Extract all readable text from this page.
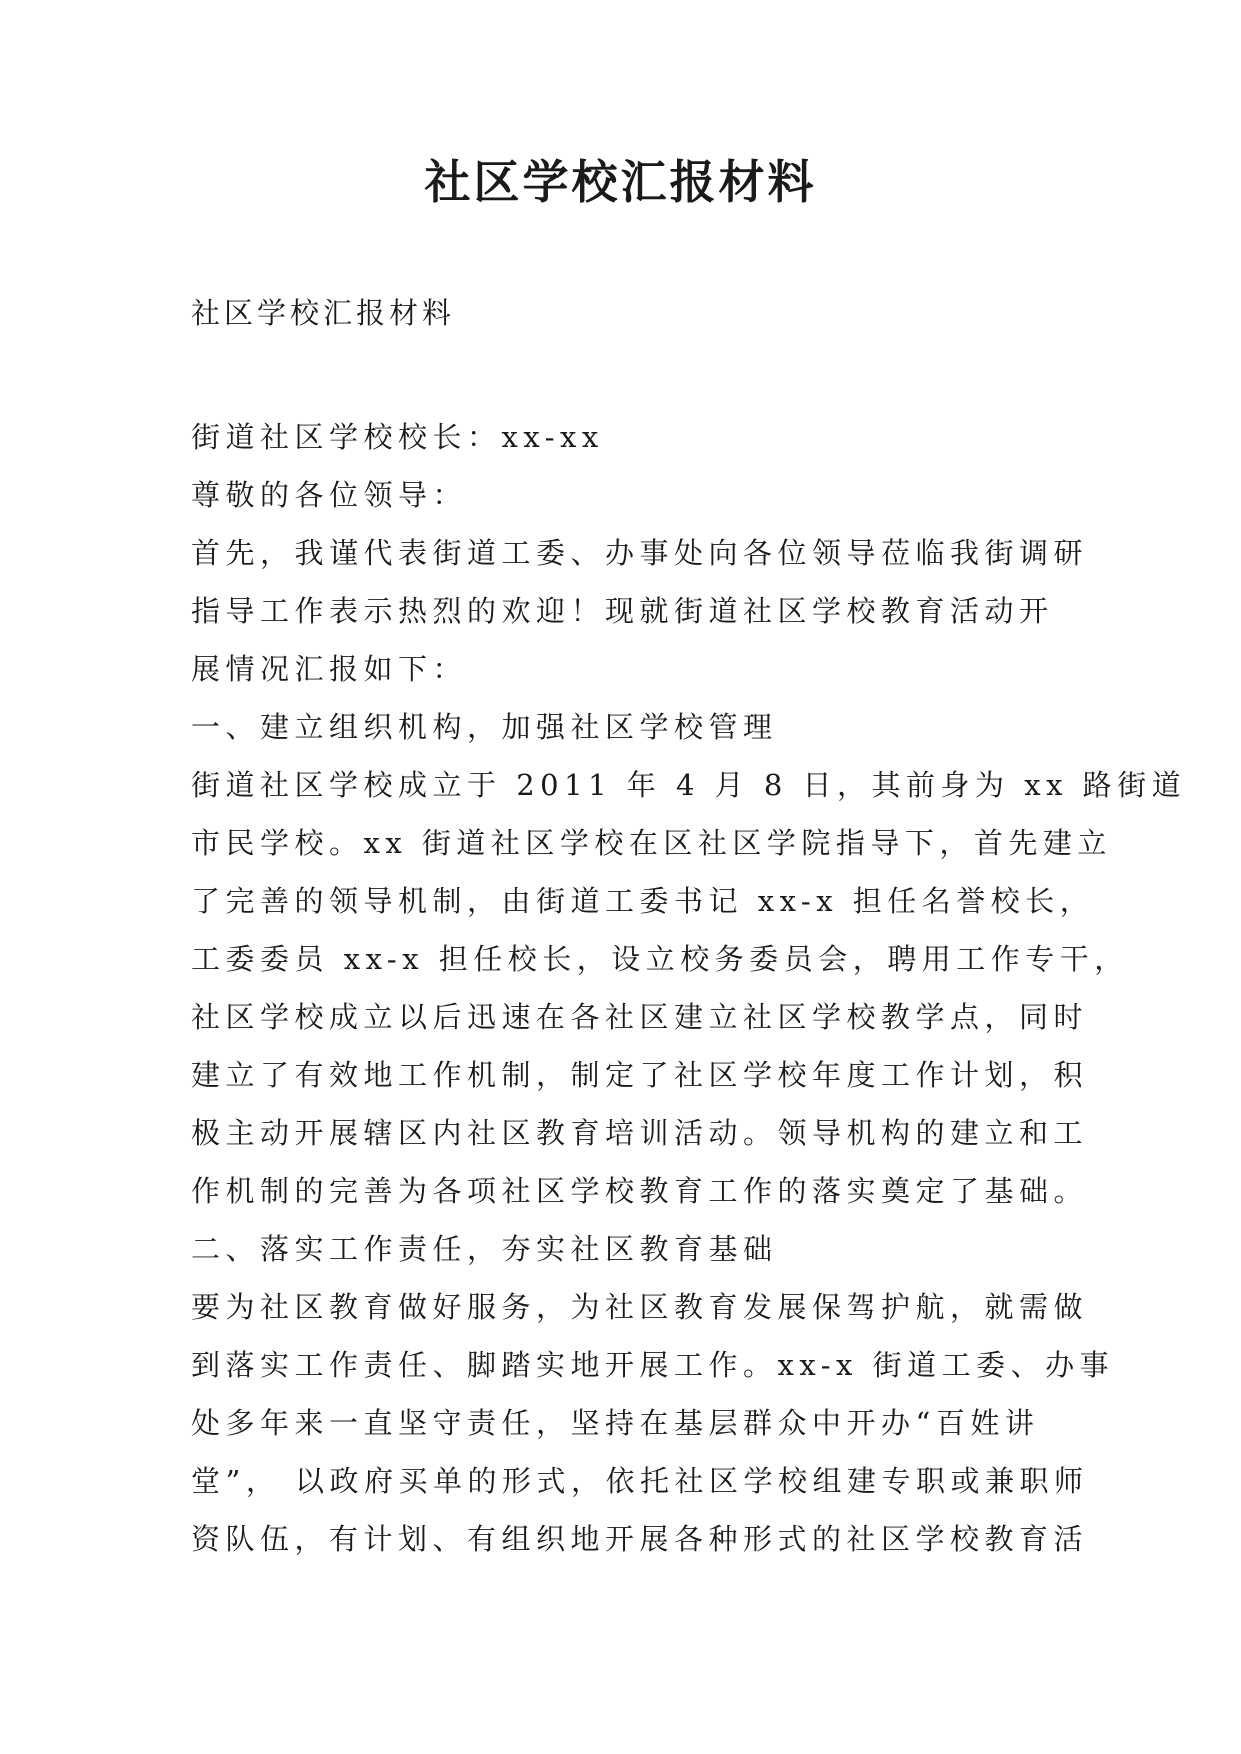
社区学校汇报材料

社区学校汇报材料

街道社区学校校长：xx-xx

尊敬的各位领导：

首先，我谨代表街道工委、办事处向各位领导莅临我街调研

指导工作表示热烈的欢迎！现就街道社区学校教育活动开

展情况汇报如下：

一、建立组织机构，加强社区学校管理

街道社区学校成立于 2011 年 4 月 8 日，其前身为 xx 路街道

市民学校。xx 街道社区学校在区社区学院指导下，首先建立

了完善的领导机制，由街道工委书记 xx-x 担任名誉校长，

工委委员 xx-x 担任校长，设立校务委员会，聘用工作专干，

社区学校成立以后迅速在各社区建立社区学校教学点，同时

建立了有效地工作机制，制定了社区学校年度工作计划，积

极主动开展辖区内社区教育培训活动。领导机构的建立和工

作机制的完善为各项社区学校教育工作的落实奠定了基础。

二、落实工作责任，夯实社区教育基础

要为社区教育做好服务，为社区教育发展保驾护航，就需做

到落实工作责任、脚踏实地开展工作。xx-x 街道工委、办事

处多年来一直坚守责任，坚持在基层群众中开办“百姓讲

堂”， 以政府买单的形式，依托社区学校组建专职或兼职师

资队伍，有计划、有组织地开展各种形式的社区学校教育活
